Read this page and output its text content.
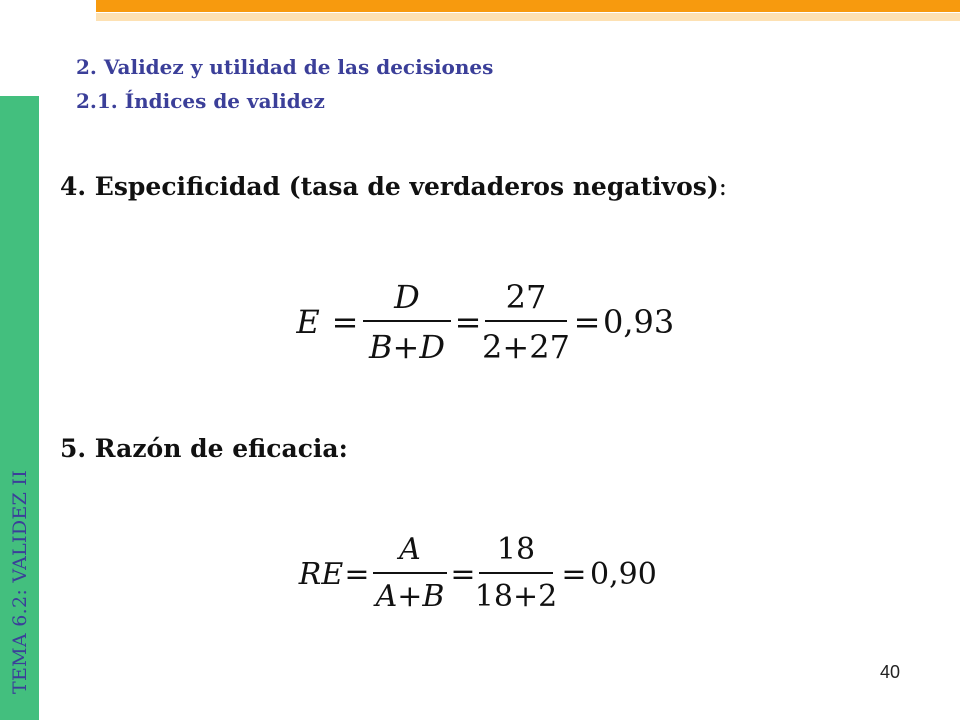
TEMA 6.2: VALIDEZ II
2. Validez y utilidad de las decisiones
2.1. Índices de validez
4. Especificidad (tasa de verdaderos negativos):
E =
D
B+D
=
27
2+27
= 0,93
5. Razón de eficacia:
RE =
A
A+B
=
18
18+2
= 0,90
40
